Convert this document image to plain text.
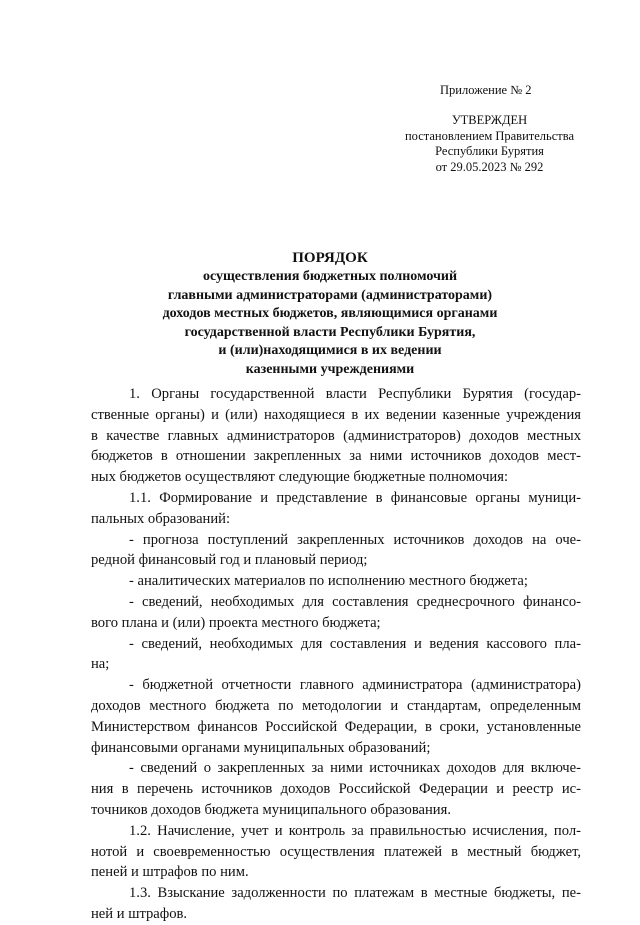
Приложение № 2
УТВЕРЖДЕН
постановлением Правительства
Республики Бурятия
от 29.05.2023 № 292
ПОРЯДОК
осуществления бюджетных полномочий
главными администраторами (администраторами)
доходов местных бюджетов, являющимися органами
государственной власти Республики Бурятия,
и (или)находящимися в их ведении
казенными учреждениями
1. Органы государственной власти Республики Бурятия (государ-
ственные органы) и (или) находящиеся в их ведении казенные учреждения
в качестве главных администраторов (администраторов) доходов местных
бюджетов в отношении закрепленных за ними источников доходов мест-
ных бюджетов осуществляют следующие бюджетные полномочия:
1.1. Формирование и представление в финансовые органы муници-
пальных образований:
- прогноза поступлений закрепленных источников доходов на оче-
редной финансовый год и плановый период;
- аналитических материалов по исполнению местного бюджета;
- сведений, необходимых для составления среднесрочного финансо-
вого плана и (или) проекта местного бюджета;
- сведений, необходимых для составления и ведения кассового пла-
на;
- бюджетной отчетности главного администратора (администратора)
доходов местного бюджета по методологии и стандартам, определенным
Министерством финансов Российской Федерации, в сроки, установленные
финансовыми органами муниципальных образований;
- сведений о закрепленных за ними источниках доходов для включе-
ния в перечень источников доходов Российской Федерации и реестр ис-
точников доходов бюджета муниципального образования.
1.2. Начисление, учет и контроль за правильностью исчисления, пол-
нотой и своевременностью осуществления платежей в местный бюджет,
пеней и штрафов по ним.
1.3. Взыскание задолженности по платежам в местные бюджеты, пе-
ней и штрафов.
